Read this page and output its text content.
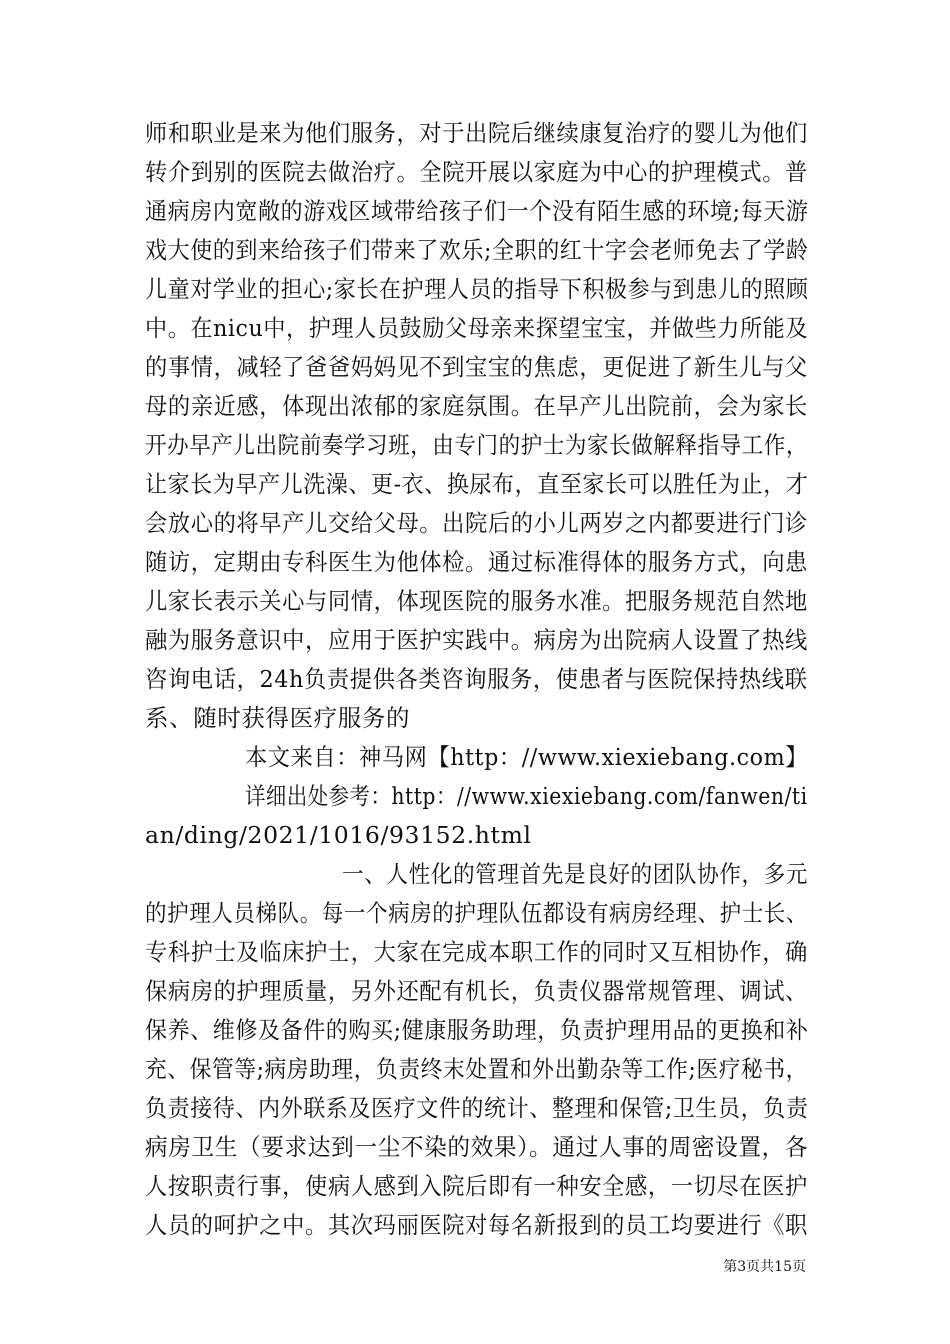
师和职业是来为他们服务，对于出院后继续康复治疗的婴儿为他们
转介到别的医院去做治疗。全院开展以家庭为中心的护理模式。普
通病房内宽敞的游戏区域带给孩子们一个没有陌生感的环境;每天游
戏大使的到来给孩子们带来了欢乐;全职的红十字会老师免去了学龄
儿童对学业的担心;家长在护理人员的指导下积极参与到患儿的照顾
中。在nicu中，护理人员鼓励父母亲来探望宝宝，并做些力所能及
的事情，减轻了爸爸妈妈见不到宝宝的焦虑，更促进了新生儿与父
母的亲近感，体现出浓郁的家庭氛围。在早产儿出院前，会为家长
开办早产儿出院前奏学习班，由专门的护士为家长做解释指导工作，
让家长为早产儿洗澡、更-衣、换尿布，直至家长可以胜任为止，才
会放心的将早产儿交给父母。出院后的小儿两岁之内都要进行门诊
随访，定期由专科医生为他体检。通过标准得体的服务方式，向患
儿家长表示关心与同情，体现医院的服务水准。把服务规范自然地
融为服务意识中，应用于医护实践中。病房为出院病人设置了热线
咨询电话，24h负责提供各类咨询服务，使患者与医院保持热线联
系、随时获得医疗服务的
本文来自：神马网【http：//www.xiexiebang.com】
详细出处参考：http：//www.xiexiebang.com/fanwen/ti
an/ding/2021/1016/93152.html
一、人性化的管理首先是良好的团队协作，多元
的护理人员梯队。每一个病房的护理队伍都设有病房经理、护士长、
专科护士及临床护士，大家在完成本职工作的同时又互相协作，确
保病房的护理质量，另外还配有机长，负责仪器常规管理、调试、
保养、维修及备件的购买;健康服务助理，负责护理用品的更换和补
充、保管等;病房助理，负责终末处置和外出勤杂等工作;医疗秘书，
负责接待、内外联系及医疗文件的统计、整理和保管;卫生员，负责
病房卫生（要求达到一尘不染的效果）。通过人事的周密设置，各
人按职责行事，使病人感到入院后即有一种安全感，一切尽在医护
人员的呵护之中。其次玛丽医院对每名新报到的员工均要进行《职
第3页共15页
